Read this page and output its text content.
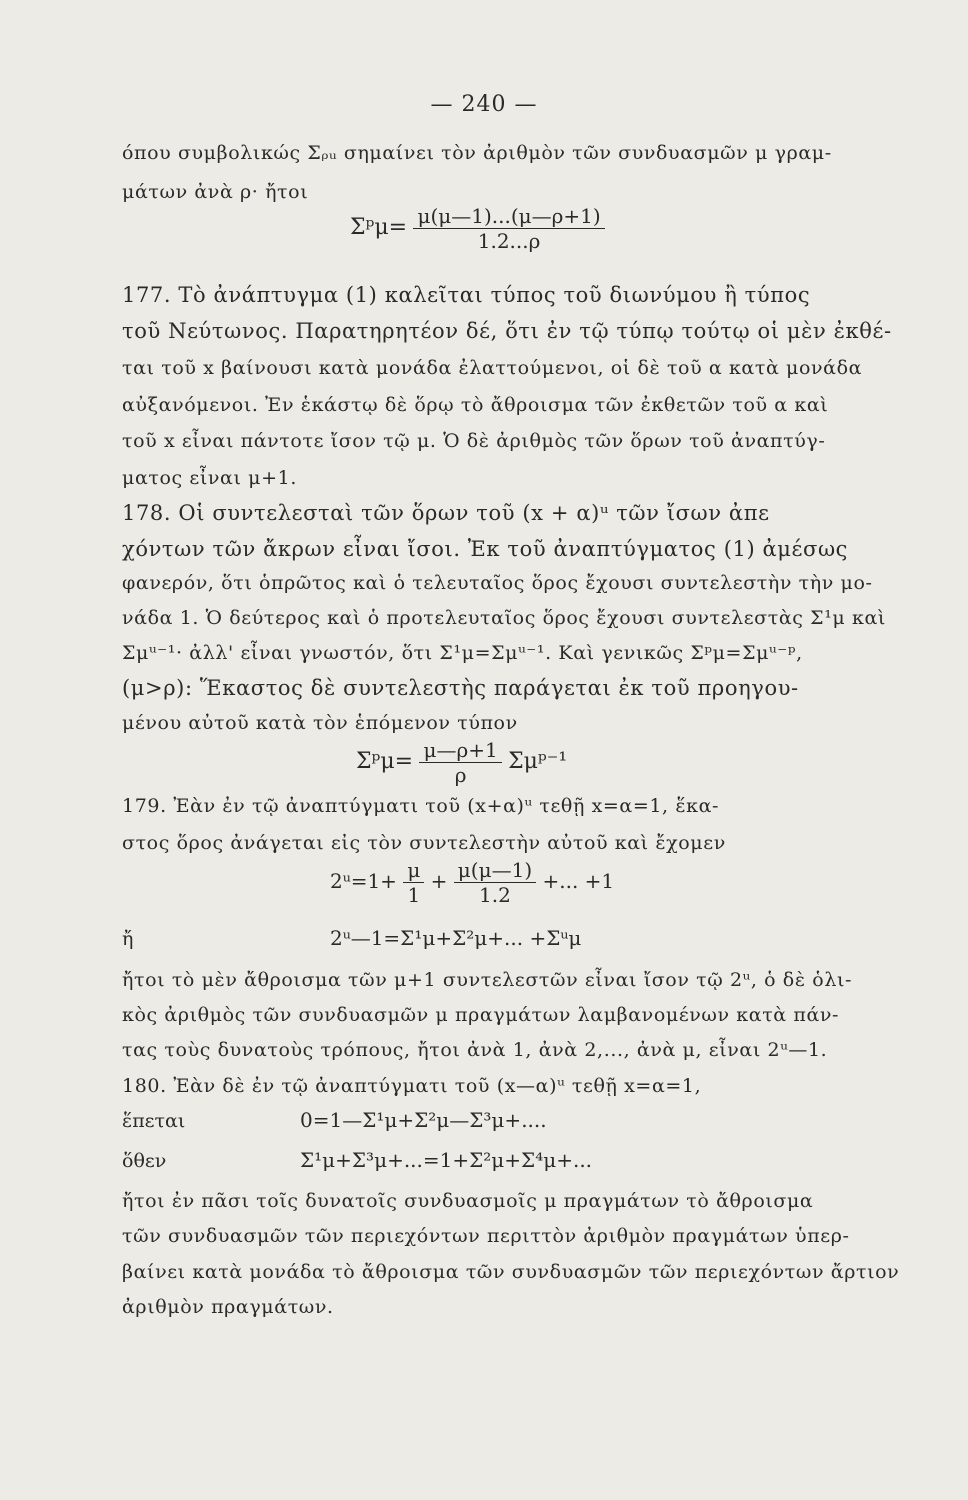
— 240 —
όπου συμβολικώς Σᵨᵤ σημαίνει τὸν ἀριθμὸν τῶν συνδυασμῶν μ γραμ-
μάτων ἀνὰ ρ· ἤτοι
Σᵖμ= $\frac{\mu(\mu—1)...(\mu—\rho+1)}{1.2...\rho}$
177. Τὸ ἀνάπτυγμα (1) καλεῖται τύπος τοῦ διωνύμου ἢ τύπος
τοῦ Νεύτωνος. Παρατηρητέον δέ, ὅτι ἐν τῷ τύπῳ τούτῳ οἱ μὲν ἐκθέ-
ται τοῦ x βαίνουσι κατὰ μονάδα ἐλαττούμενοι, οἱ δὲ τοῦ α κατὰ μονάδα
αὐξανόμενοι. Ἐν ἑκάστῳ δὲ ὅρῳ τὸ ἄθροισμα τῶν ἐκθετῶν τοῦ α καὶ
τοῦ x εἶναι πάντοτε ἴσον τῷ μ. Ὁ δὲ ἀριθμὸς τῶν ὅρων τοῦ ἀναπτύγ-
ματος εἶναι μ+1.
178. Οἱ συντελεσταὶ τῶν ὅρων τοῦ (x + α)ᵘ τῶν ἴσων ἀπε
χόντων τῶν ἄκρων εἶναι ἴσοι. Ἐκ τοῦ ἀναπτύγματος (1) ἀμέσως
φανερόν, ὅτι ὁπρῶτος καὶ ὁ τελευταῖος ὅρος ἔχουσι συντελεστὴν τὴν μο-
νάδα 1. Ὁ δεύτερος καὶ ὁ προτελευταῖος ὅρος ἔχουσι συντελεστὰς Σ¹μ καὶ
Σμᵘ⁻¹· ἀλλ' εἶναι γνωστόν, ὅτι Σ¹μ=Σμᵘ⁻¹. Καὶ γενικῶς Σᵖμ=Σμᵘ⁻ᵖ,
(μ>ρ): Ἕκαστος δὲ συντελεστὴς παράγεται ἐκ τοῦ προηγου-
μένου αὐτοῦ κατὰ τὸν ἑπόμενον τύπον
Σᵖμ= $\frac{\mu—\rho+1}{\rho}$ Σμᵖ⁻¹
179. Ἐὰν ἐν τῷ ἀναπτύγματι τοῦ (x+α)ᵘ τεθῇ x=α=1, ἕκα-
στος ὅρος ἀνάγεται εἰς τὸν συντελεστὴν αὐτοῦ καὶ ἔχομεν
2ᵘ=1+ $\frac{\mu}{1} + \frac{\mu(\mu—1)}{1.2}$ +... +1
ἤ	2ᵘ—1=Σ¹μ+Σ²μ+... +Σᵘμ
ἤτοι τὸ μὲν ἄθροισμα τῶν μ+1 συντελεστῶν εἶναι ἴσον τῷ 2ᵘ, ὁ δὲ ὁλι-
κὸς ἀριθμὸς τῶν συνδυασμῶν μ πραγμάτων λαμβανομένων κατὰ πάν-
τας τοὺς δυνατοὺς τρόπους, ἤτοι ἀνὰ 1, ἀνὰ 2,..., ἀνὰ μ, εἶναι 2ᵘ—1.
180. Ἐὰν δὲ ἐν τῷ ἀναπτύγματι τοῦ (x—α)ᵘ τεθῇ x=α=1,
ἕπεται	0=1—Σ¹μ+Σ²μ—Σ³μ+....
ὅθεν	Σ¹μ+Σ³μ+...=1+Σ²μ+Σ⁴μ+...
ἤτοι ἐν πᾶσι τοῖς δυνατοῖς συνδυασμοῖς μ πραγμάτων τὸ ἄθροισμα
τῶν συνδυασμῶν τῶν περιεχόντων περιττὸν ἀριθμὸν πραγμάτων ὑπερ-
βαίνει κατὰ μονάδα τὸ ἄθροισμα τῶν συνδυασμῶν τῶν περιεχόντων ἄρτιον
ἀριθμὸν πραγμάτων.
